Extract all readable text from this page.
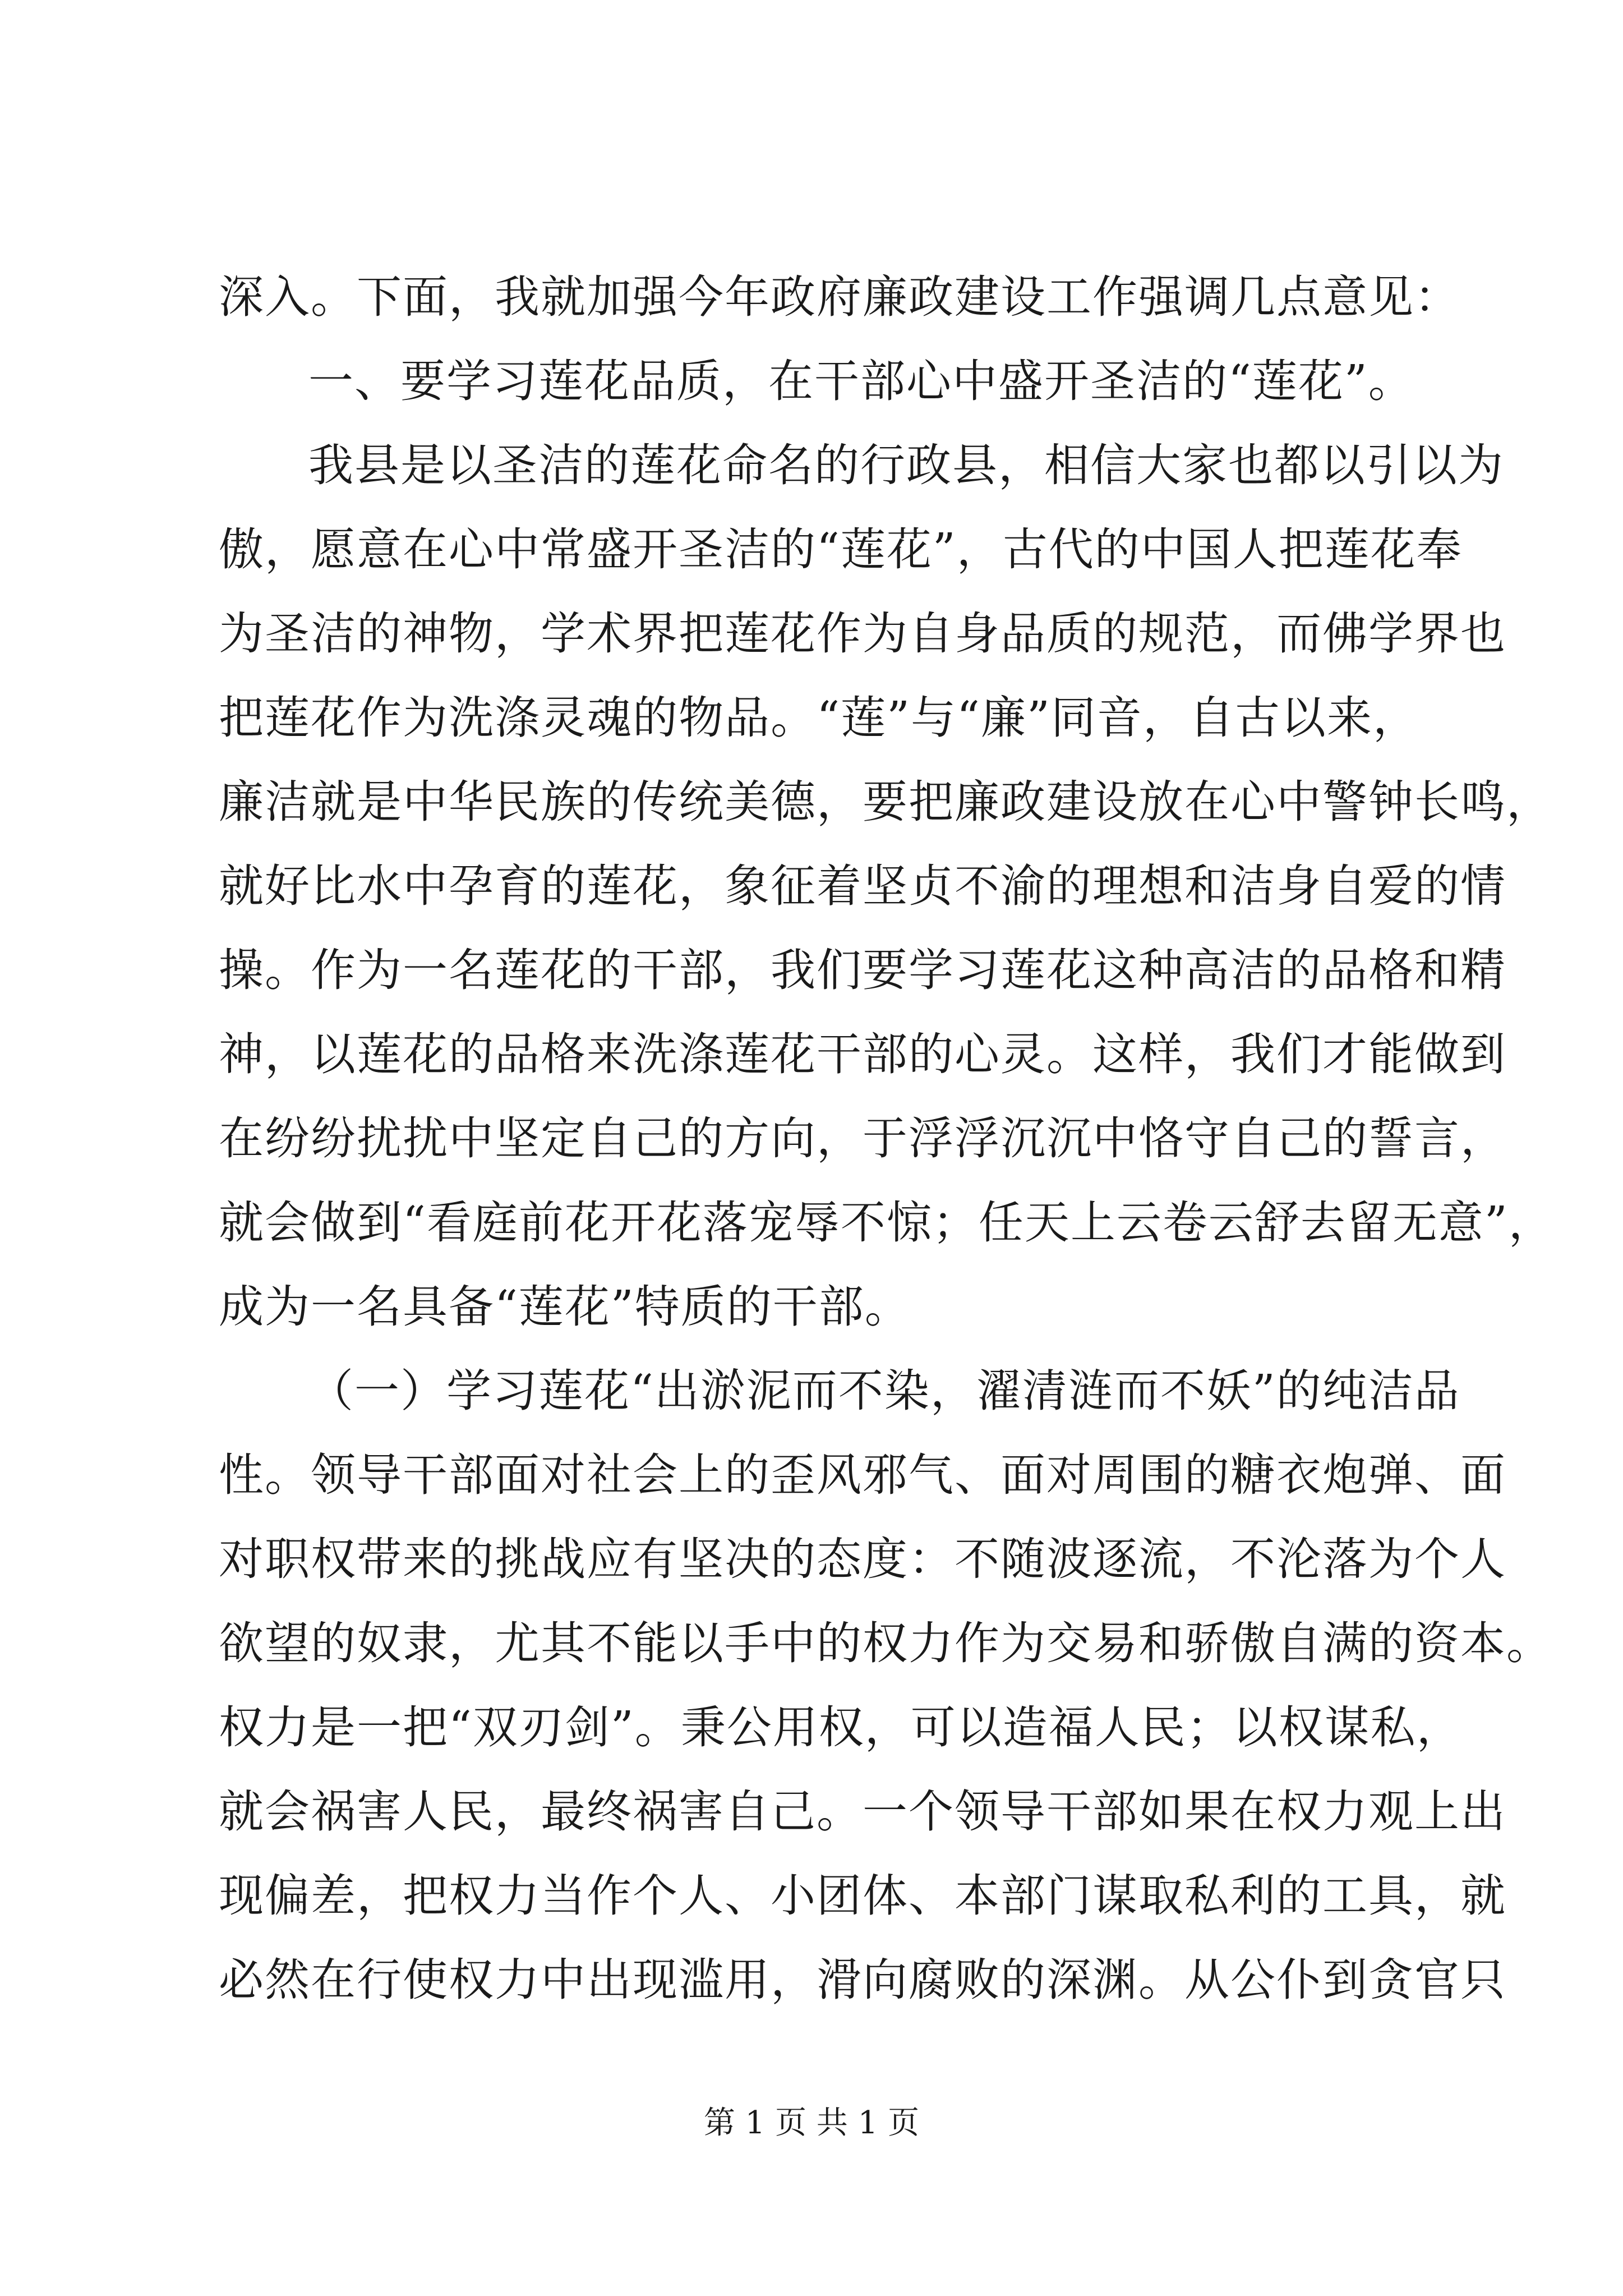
深入。下面，我就加强今年政府廉政建设工作强调几点意见：
一、要学习莲花品质，在干部心中盛开圣洁的“莲花”。
我县是以圣洁的莲花命名的行政县，相信大家也都以引以为
傲，愿意在心中常盛开圣洁的“莲花”，古代的中国人把莲花奉
为圣洁的神物，学术界把莲花作为自身品质的规范，而佛学界也
把莲花作为洗涤灵魂的物品。“莲”与“廉”同音，自古以来，
廉洁就是中华民族的传统美德，要把廉政建设放在心中警钟长鸣，
就好比水中孕育的莲花，象征着坚贞不渝的理想和洁身自爱的情
操。作为一名莲花的干部，我们要学习莲花这种高洁的品格和精
神，以莲花的品格来洗涤莲花干部的心灵。这样，我们才能做到
在纷纷扰扰中坚定自己的方向，于浮浮沉沉中恪守自己的誓言，
就会做到“看庭前花开花落宠辱不惊；任天上云卷云舒去留无意”，
成为一名具备“莲花”特质的干部。
（一）学习莲花“出淤泥而不染，濯清涟而不妖”的纯洁品
性。领导干部面对社会上的歪风邪气、面对周围的糖衣炮弹、面
对职权带来的挑战应有坚决的态度：不随波逐流，不沦落为个人
欲望的奴隶，尤其不能以手中的权力作为交易和骄傲自满的资本。
权力是一把“双刃剑”。秉公用权，可以造福人民；以权谋私，
就会祸害人民，最终祸害自己。一个领导干部如果在权力观上出
现偏差，把权力当作个人、小团体、本部门谋取私利的工具，就
必然在行使权力中出现滥用，滑向腐败的深渊。从公仆到贪官只
第 1 页 共 1 页
